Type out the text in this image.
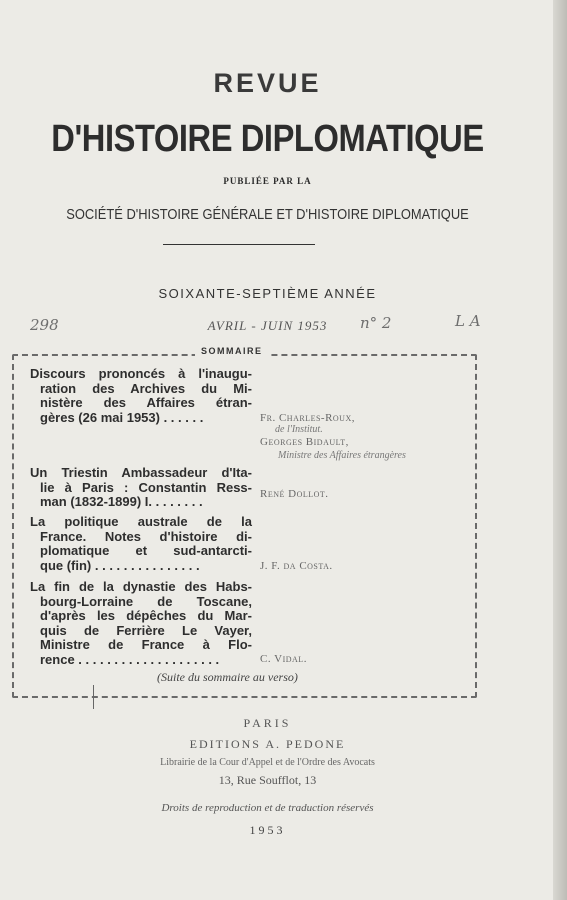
REVUE
D'HISTOIRE DIPLOMATIQUE
PUBLIÉE PAR LA
SOCIÉTÉ D'HISTOIRE GÉNÉRALE ET D'HISTOIRE DIPLOMATIQUE
SOIXANTE-SEPTIÈME ANNÉE
AVRIL - JUIN 1953
298	n° 2	L A
SOMMAIRE
Discours prononcés à l'inaugu-
ration des Archives du Mi-
nistère des Affaires étran-
gères (26 mai 1953) . . . . . .	Fr. Charles-Roux,
de l'Institut.
Georges Bidault,
Ministre des Affaires étrangères
Un Triestin Ambassadeur d'Ita-
lie à Paris : Constantin Ress-
man (1832-1899) I. . . . . . . .	René Dollot.
La politique australe de la
France. Notes d'histoire di-
plomatique et sud-antarcti-
que (fin) . . . . . . . . . . . . . . .	J. F. da Costa.
La fin de la dynastie des Habs-
bourg-Lorraine de Toscane,
d'après les dépêches du Mar-
quis de Ferrière Le Vayer,
Ministre de France à Flo-
rence . . . . . . . . . . . . . . . . . . . .	C. Vidal.
(Suite du sommaire au verso)
PARIS
EDITIONS A. PEDONE
Librairie de la Cour d'Appel et de l'Ordre des Avocats
13, Rue Soufflot, 13
Droits de reproduction et de traduction réservés
1953
